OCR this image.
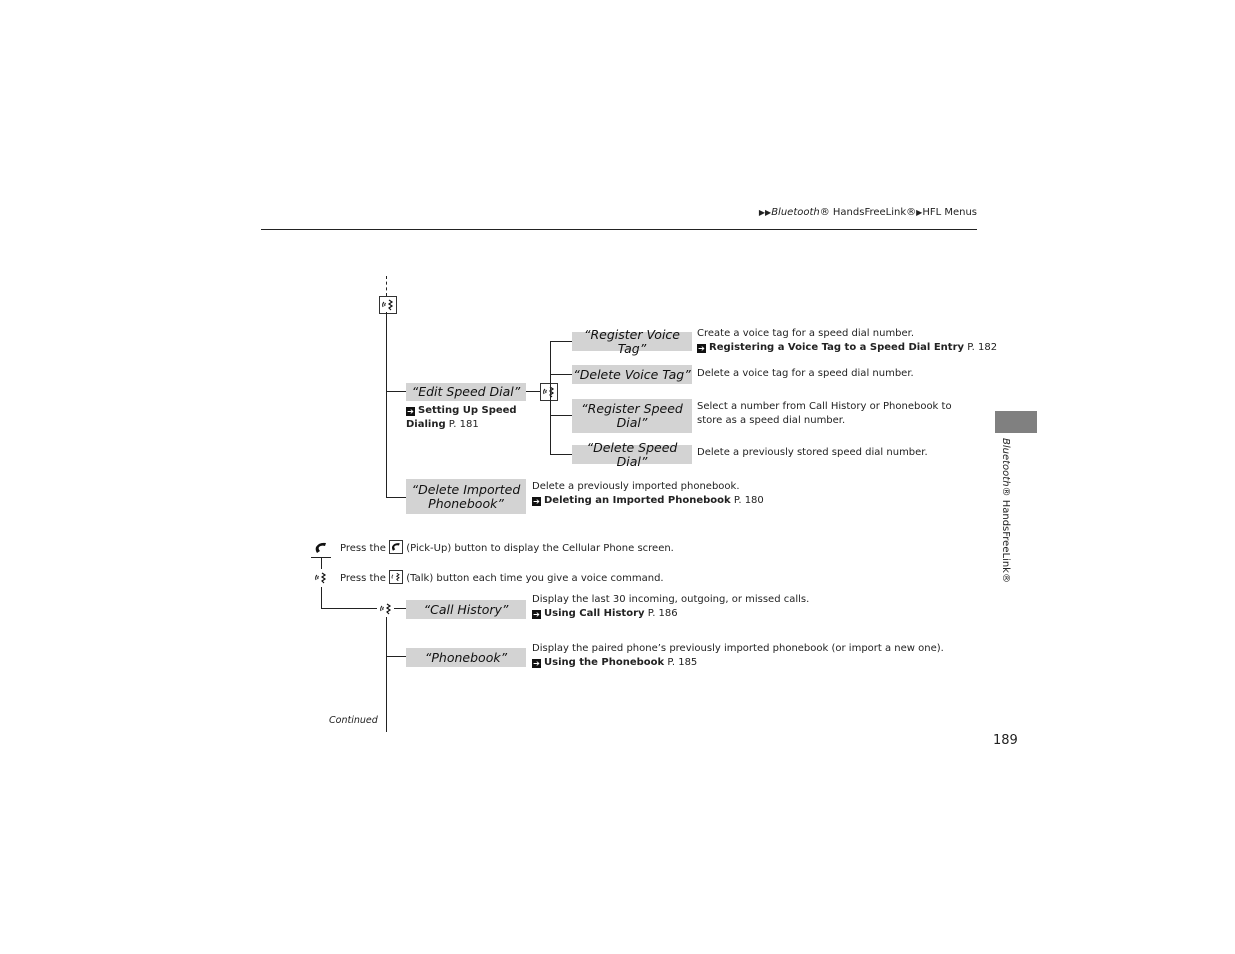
▶▶Bluetooth® HandsFreeLink®▶HFL Menus
Bluetooth® HandsFreeLink®
“Edit Speed Dial”
➔ Setting Up Speed
Dialing P. 181
“Register Voice Tag”
Create a voice tag for a speed dial number.
➔ Registering a Voice Tag to a Speed Dial Entry P. 182
“Delete Voice Tag” Delete a voice tag for a speed dial number.
“Register Speed
Dial”
Select a number from Call History or Phonebook to
store as a speed dial number.
“Delete Speed Dial”
Delete a previously stored speed dial number.
“Delete Imported
Phonebook”
Delete a previously imported phonebook.
➔ Deleting an Imported Phonebook P. 180
Press the  (Pick-Up) button to display the Cellular Phone screen.
Press the  (Talk) button each time you give a voice command.
“Call History”
Display the last 30 incoming, outgoing, or missed calls.
➔ Using Call History P. 186
“Phonebook”
Display the paired phone’s previously imported phonebook (or import a new one).
➔ Using the Phonebook P. 185
Continued
189
